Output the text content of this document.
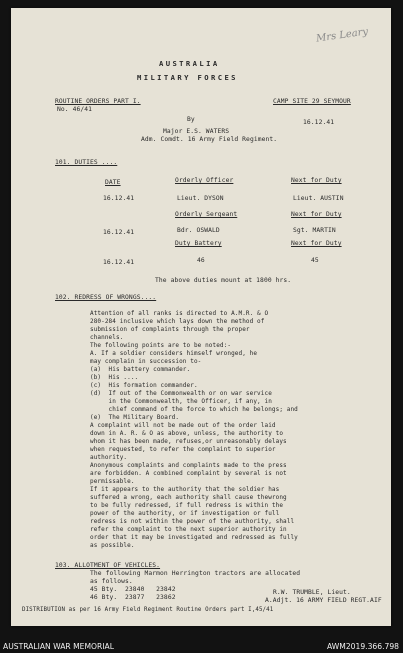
Mrs Leary
AUSTRALIA
MILITARY FORCES
ROUTINE ORDERS PART I.
No. 46/41
CAMP SITE 29 SEYMOUR
By	16.12.41
Major E.S. WATERS
Adm. Comdt. 16 Army Field Regiment.
101. DUTIES ....
DATE	Orderly Officer	Next for Duty
16.12.41	Lieut. DYSON	Lieut. AUSTIN
Orderly Sergeant	Next for Duty
16.12.41	Bdr. OSWALD	Sgt. MARTIN
Duty Battery	Next for Duty
16.12.41	46	45
The above duties mount at 1800 hrs.
102. REDRESS OF WRONGS....
Attention of all ranks is directed to A.M.R. & O
280-284 inclusive which lays down the method of
submission of complaints through the proper
channels.
The following points are to be noted:-
A. If a soldier considers himself wronged, he
may complain in succession to-
(a)  His battery commander.
(b)  His ....
(c)  His formation commander.
(d)  If out of the Commonwealth or on war service
in the Commonwealth, the Officer, if any, in
chief command of the force to which he belongs; and
(e)  The Military Board.
A complaint will not be made out of the order laid
down in A. R. & O as above, unless, the authority to
whom it has been made, refuses,or unreasonably delays
when requested, to refer the complaint to superior
authority.
Anonymous complaints and complaints made to the press
are forbidden. A combined complaint by several is not
permissable.
If it appears to the authority that the soldier has
suffered a wrong, each authority shall cause thewrong
to be fully redressed, if full redress is within the
power of the authority, or if investigation or full
redress is not within the power of the authority, shall
refer the complaint to the next superior authority in
order that it may be investigated and redressed as fully
as possible.
103. ALLOTMENT OF VEHICLES.
The following Marmon Herrington tractors are allocated
as follows.
45 Bty.  23840   23842
46 Bty.  23877   23862
R.W. TRUMBLE, Lieut.
A.Adjt. 16 ARMY FIELD REGT.AIF
DISTRIBUTION as per 16 Army Field Regiment Routine Orders part I,45/41
AUSTRALIAN WAR MEMORIAL	AWM2019.366.798
